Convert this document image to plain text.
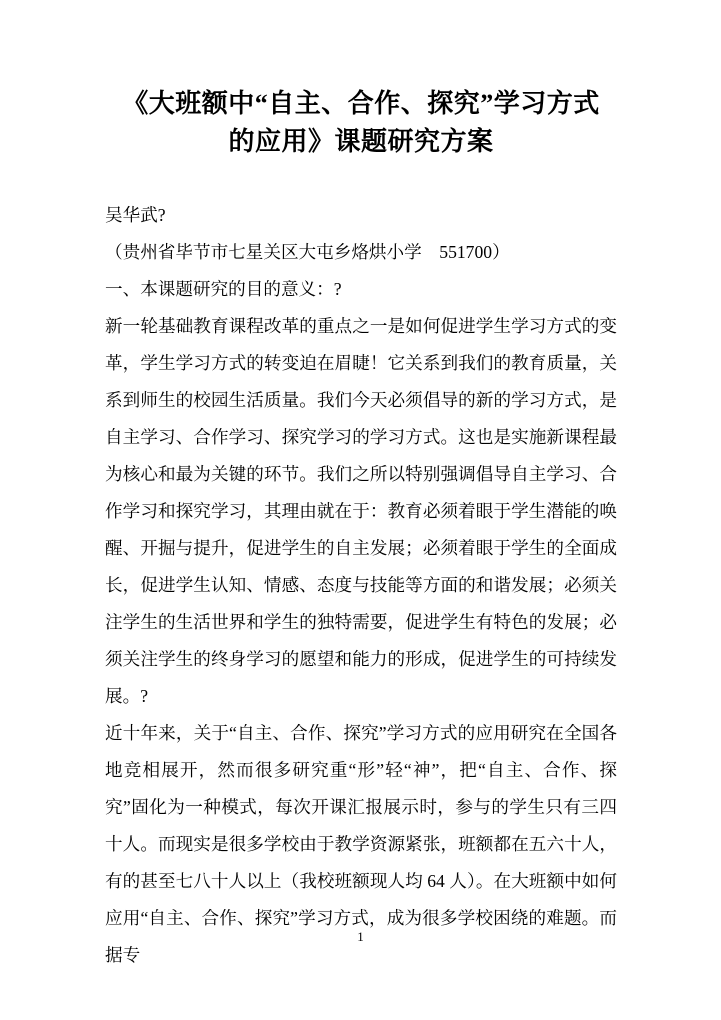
《大班额中“自主、合作、探究”学习方式
的应用》课题研究方案

吴华武?

（贵州省毕节市七星关区大屯乡烙烘小学　551700）

一、本课题研究的目的意义：?

新一轮基础教育课程改革的重点之一是如何促进学生学习方式的变革，学生学习方式的转变迫在眉睫！它关系到我们的教育质量，关系到师生的校园生活质量。我们今天必须倡导的新的学习方式，是自主学习、合作学习、探究学习的学习方式。这也是实施新课程最为核心和最为关键的环节。我们之所以特别强调倡导自主学习、合作学习和探究学习，其理由就在于：教育必须着眼于学生潜能的唤醒、开掘与提升，促进学生的自主发展；必须着眼于学生的全面成长，促进学生认知、情感、态度与技能等方面的和谐发展；必须关注学生的生活世界和学生的独特需要，促进学生有特色的发展；必须关注学生的终身学习的愿望和能力的形成，促进学生的可持续发展。?

近十年来，关于“自主、合作、探究”学习方式的应用研究在全国各地竞相展开，然而很多研究重“形”轻“神”，把“自主、合作、探究”固化为一种模式，每次开课汇报展示时，参与的学生只有三四十人。而现实是很多学校由于教学资源紧张，班额都在五六十人，有的甚至七八十人以上（我校班额现人均 64 人）。在大班额中如何应用“自主、合作、探究”学习方式，成为很多学校困绕的难题。而据专

1
